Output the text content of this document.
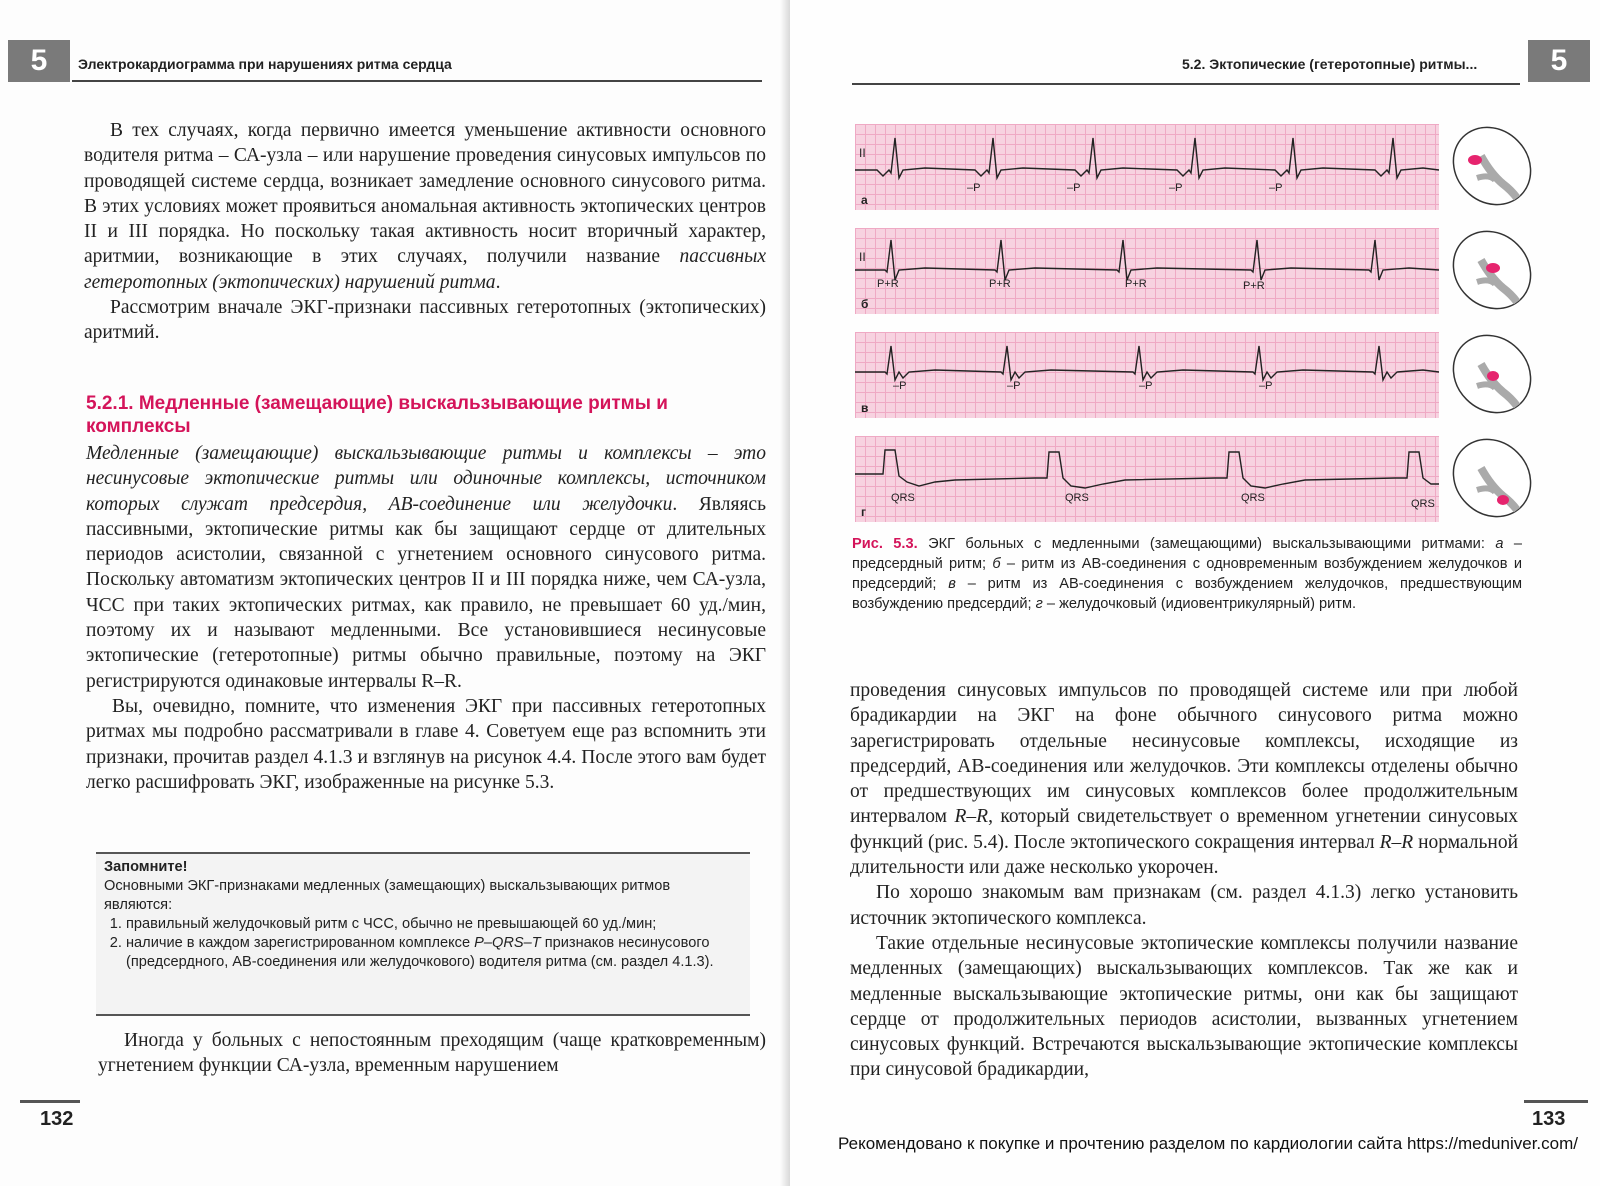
5	Электрокардиограмма при нарушениях ритма сердца

В тех случаях, когда первично имеется уменьшение активности основного водителя ритма – СА-узла – или нарушение проведения синусовых импульсов по проводящей системе сердца, возникает замедление основного синусового ритма. В этих условиях может проявиться аномальная активность эктопических центров II и III порядка. Но поскольку такая активность носит вторичный характер, аритмии, возникающие в этих случаях, получили название пассивных гетеротопных (эктопических) нарушений ритма.

Рассмотрим вначале ЭКГ-признаки пассивных гетеротопных (эктопических) аритмий.

5.2.1. Медленные (замещающие) выскальзывающие ритмы и комплексы

Медленные (замещающие) выскальзывающие ритмы и комплексы – это несинусовые эктопические ритмы или одиночные комплексы, источником которых служат предсердия, АВ-соединение или желудочки. Являясь пассивными, эктопические ритмы как бы защищают сердце от длительных периодов асистолии, связанной с угнетением основного синусового ритма. Поскольку автоматизм эктопических центров II и III порядка ниже, чем СА-узла, ЧСС при таких эктопических ритмах, как правило, не превышает 60 уд./мин, поэтому их и называют медленными. Все установившиеся несинусовые эктопические (гетеротопные) ритмы обычно правильные, поэтому на ЭКГ регистрируются одинаковые интервалы R–R.

Вы, очевидно, помните, что изменения ЭКГ при пассивных гетеротопных ритмах мы подробно рассматривали в главе 4. Советуем еще раз вспомнить эти признаки, прочитав раздел 4.1.3 и взглянув на рисунок 4.4. После этого вам будет легко расшифровать ЭКГ, изображенные на рисунке 5.3.

Запомните!
Основными ЭКГ-признаками медленных (замещающих) выскальзывающих ритмов являются:
1. правильный желудочковый ритм с ЧСС, обычно не превышающей 60 уд./мин;
2. наличие в каждом зарегистрированном комплексе P–QRS–T признаков несинусового (предсердного, АВ-соединения или желудочкового) водителя ритма (см. раздел 4.1.3).

Иногда у больных с непостоянным преходящим (чаще кратковременным) угнетением функции СА-узла, временным нарушением

132
5.2. Эктопические (гетеротопные) ритмы...	5
II
а
–P	–P	–P	–P
II
б
P+R	P+R	P+R	P+R
в
–P	–P	–P	–P
г
QRS	QRS	QRS	QRS
Рис. 5.3. ЭКГ больных с медленными (замещающими) выскальзывающими ритмами: а – предсердный ритм; б – ритм из АВ-соединения с одновременным возбуждением желудочков и предсердий; в – ритм из АВ-соединения с возбуждением желудочков, предшествующим возбуждению предсердий; г – желудочковый (идиовентрикулярный) ритм.

проведения синусовых импульсов по проводящей системе или при любой брадикардии на ЭКГ на фоне обычного синусового ритма можно зарегистрировать отдельные несинусовые комплексы, исходящие из предсердий, АВ-соединения или желудочков. Эти комплексы отделены обычно от предшествующих им синусовых комплексов более продолжительным интервалом R–R, который свидетельствует о временном угнетении синусовых функций (рис. 5.4). После эктопического сокращения интервал R–R нормальной длительности или даже несколько укорочен.

По хорошо знакомым вам признакам (см. раздел 4.1.3) легко установить источник эктопического комплекса.

Такие отдельные несинусовые эктопические комплексы получили название медленных (замещающих) выскальзывающих комплексов. Так же как и медленные выскальзывающие эктопические ритмы, они как бы защищают сердце от продолжительных периодов асистолии, вызванных угнетением синусовых функций. Встречаются выскальзывающие эктопические комплексы при синусовой брадикардии,

133
Рекомендовано к покупке и прочтению разделом по кардиологии сайта https://meduniver.com/
